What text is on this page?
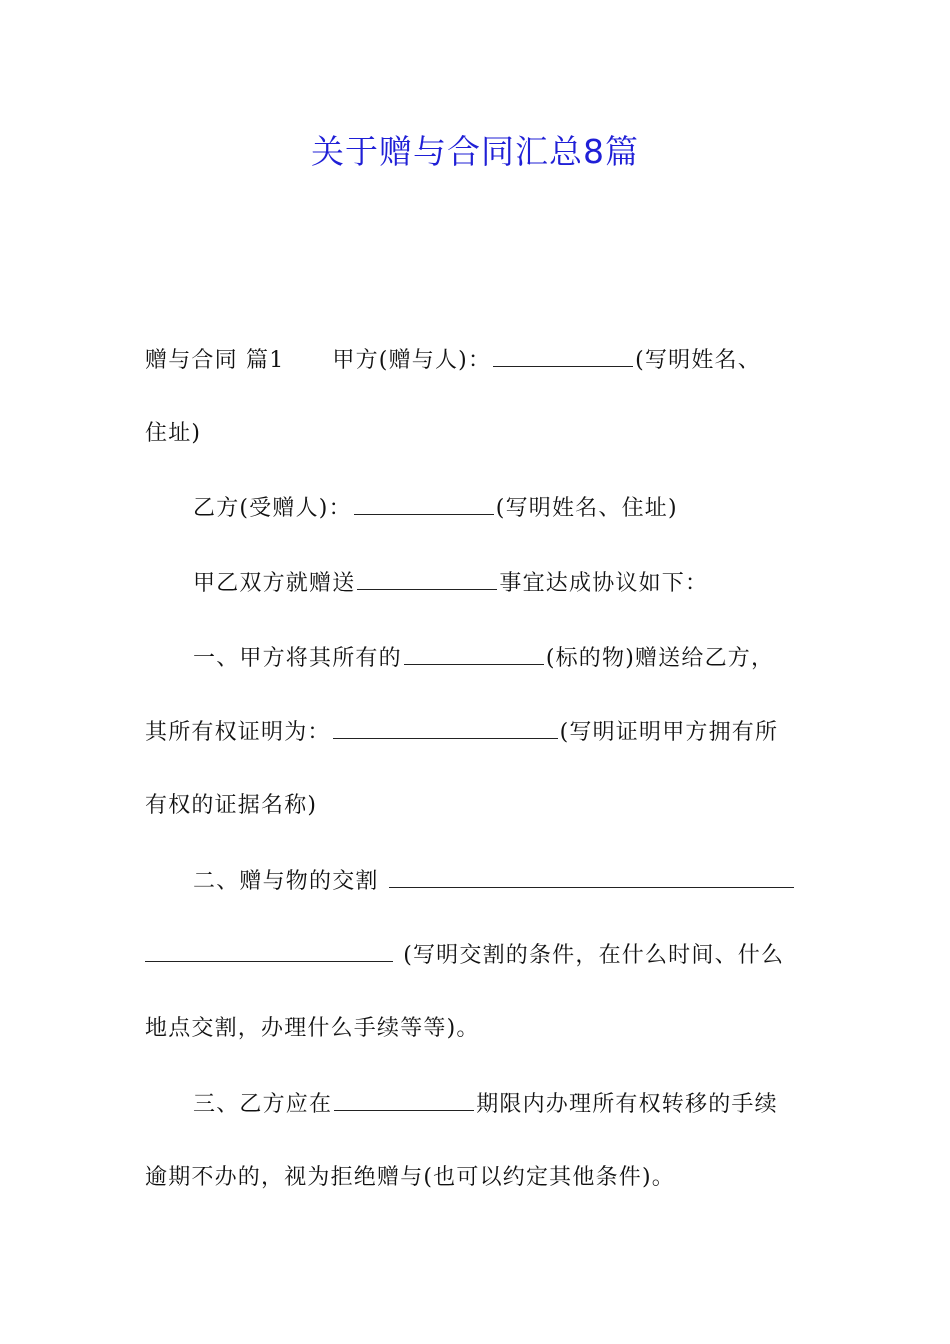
关于赠与合同汇总8篇
赠与合同 篇1 甲方(赠与人)：	(写明姓名、
住址)
乙方(受赠人)：	(写明姓名、住址)
甲乙双方就赠送	事宜达成协议如下：
一、甲方将其所有的	(标的物)赠送给乙方，
其所有权证明为：	(写明证明甲方拥有所
有权的证据名称)
二、赠与物的交割
(写明交割的条件，在什么时间、什么
地点交割，办理什么手续等等)。
三、乙方应在	期限内办理所有权转移的手续
逾期不办的，视为拒绝赠与(也可以约定其他条件)。
